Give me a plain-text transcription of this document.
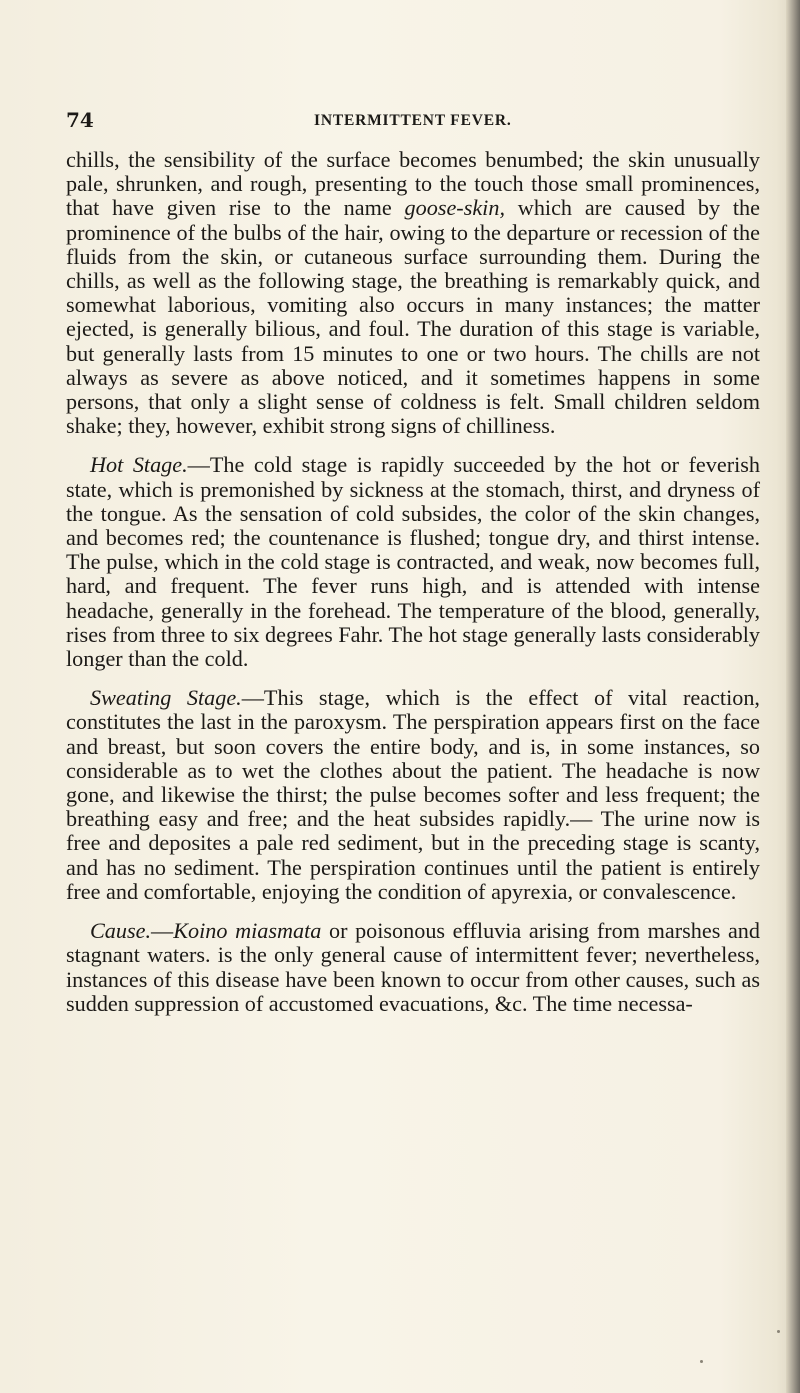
74	INTERMITTENT FEVER.

chills, the sensibility of the surface becomes benumbed; the skin unusually pale, shrunken, and rough, presenting to the touch those small prominences, that have given rise to the name goose-skin, which are caused by the prominence of the bulbs of the hair, owing to the departure or recession of the fluids from the skin, or cutaneous surface surrounding them. During the chills, as well as the following stage, the breathing is remarkably quick, and somewhat laborious, vomiting also occurs in many instances; the matter ejected, is generally bilious, and foul. The duration of this stage is variable, but generally lasts from 15 minutes to one or two hours. The chills are not always as severe as above noticed, and it sometimes happens in some persons, that only a slight sense of coldness is felt. Small children seldom shake; they, however, exhibit strong signs of chilliness.

Hot Stage.—The cold stage is rapidly succeeded by the hot or feverish state, which is premonished by sickness at the stomach, thirst, and dryness of the tongue. As the sensation of cold subsides, the color of the skin changes, and becomes red; the countenance is flushed; tongue dry, and thirst intense. The pulse, which in the cold stage is contracted, and weak, now becomes full, hard, and frequent. The fever runs high, and is attended with intense headache, generally in the forehead. The temperature of the blood, generally, rises from three to six degrees Fahr. The hot stage generally lasts considerably longer than the cold.

Sweating Stage.—This stage, which is the effect of vital reaction, constitutes the last in the paroxysm. The perspiration appears first on the face and breast, but soon covers the entire body, and is, in some instances, so considerable as to wet the clothes about the patient. The headache is now gone, and likewise the thirst; the pulse becomes softer and less frequent; the breathing easy and free; and the heat subsides rapidly.— The urine now is free and deposites a pale red sediment, but in the preceding stage is scanty, and has no sediment. The perspiration continues until the patient is entirely free and comfortable, enjoying the condition of apyrexia, or convalescence.

Cause.—Koino miasmata or poisonous effluvia arising from marshes and stagnant waters. is the only general cause of intermittent fever; nevertheless, instances of this disease have been known to occur from other causes, such as sudden suppression of accustomed evacuations, &c. The time necessa-
